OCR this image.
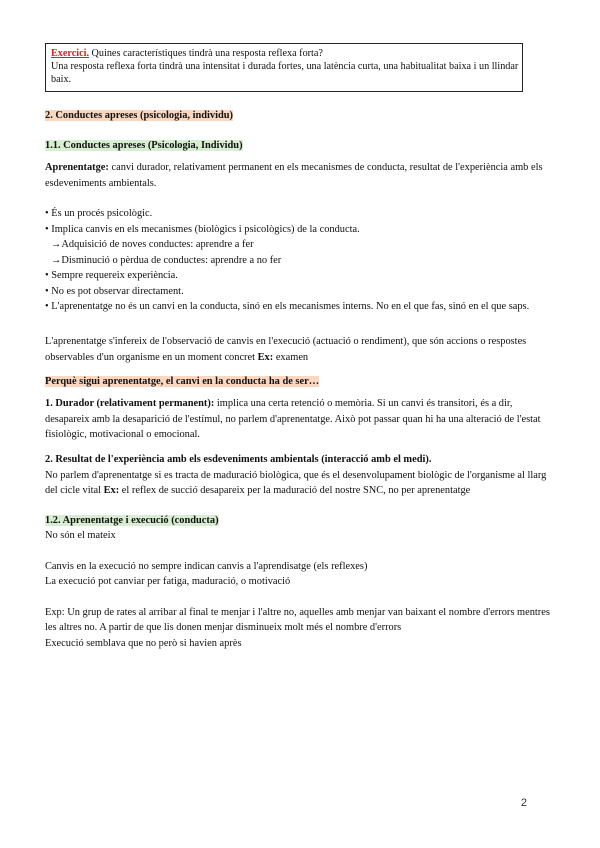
Exercici. Quines característiques tindrà una resposta reflexa forta?

Una resposta reflexa forta tindrà una intensitat i durada fortes, una latència curta, una habitualitat baixa i un llindar baix.

2. Conductes apreses (psicologia, individu)
1.1. Conductes apreses (Psicologia, Individu)

Aprenentatge: canvi durador, relativament permanent en els mecanismes de conducta, resultat de l'experiència amb els esdeveniments ambientals.

• És un procés psicològic.

• Implica canvis en els mecanismes (biològics i psicològics) de la conducta.

→Adquisició de noves conductes: aprendre a fer

→Disminució o pèrdua de conductes: aprendre a no fer

• Sempre requereix experiència.

• No es pot observar directament.

• L'aprenentatge no és un canvi en la conducta, sinó en els mecanismes interns. No en el que fas, sinó en el que saps.

L'aprenentatge s'infereix de l'observació de canvis en l'execució (actuació o rendiment), que són accions o respostes observables d'un organisme en un moment concret Ex: examen

Perquè sigui aprenentatge, el canvi en la conducta ha de ser…

1. Durador (relativament permanent): implica una certa retenció o memòria. Si un canvi és transitori, és a dir, desapareix amb la desaparició de l'estímul, no parlem d'aprenentatge. Això pot passar quan hi ha una alteració de l'estat fisiològic, motivacional o emocional.

2. Resultat de l'experiència amb els esdeveniments ambientals (interacció amb el medi).

No parlem d'aprenentatge si es tracta de maduració biològica, que és el desenvolupament biològic de l'organisme al llarg del cicle vital Ex: el reflex de succió desapareix per la maduració del nostre SNC, no per aprenentatge

1.2. Aprenentatge i execució (conducta)

No són el mateix

Canvis en la execució no sempre indican canvis a l'aprendisatge (els reflexes)

La execució pot canviar per fatiga, maduració, o motivació

Exp: Un grup de rates al arribar al final te menjar i l'altre no, aquelles amb menjar van baixant el nombre d'errors mentres les altres no. A partir de que lis donen menjar disminueix molt més el nombre d'errors

Execució semblava que no però si havien après

2
